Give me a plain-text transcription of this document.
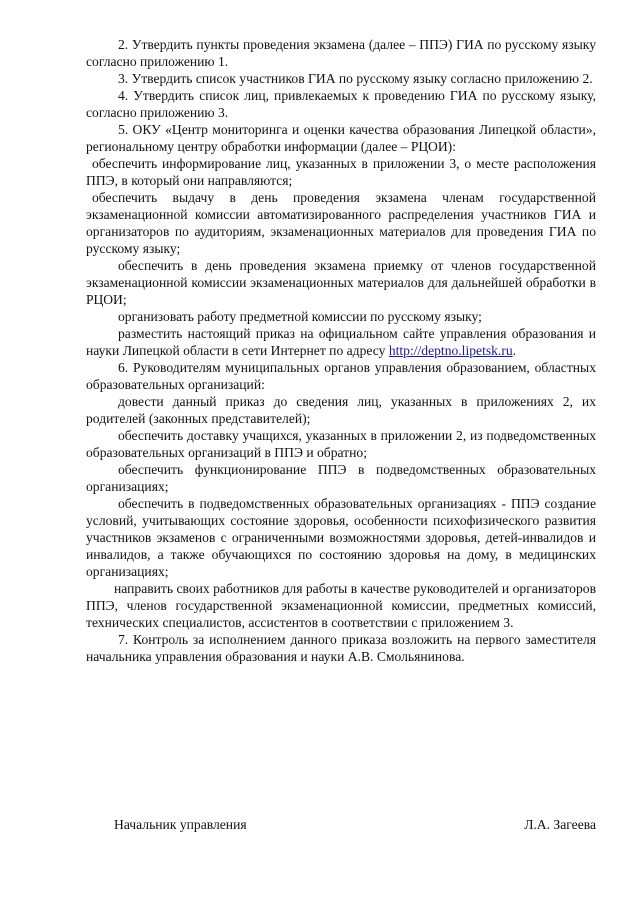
2. Утвердить пункты проведения экзамена (далее – ППЭ) ГИА по русскому языку согласно приложению 1.

3. Утвердить список участников ГИА по русскому языку согласно приложению 2.

4. Утвердить список лиц, привлекаемых к проведению ГИА по русскому языку, согласно приложению 3.

5. ОКУ «Центр мониторинга и оценки качества образования Липецкой области», региональному центру обработки информации (далее – РЦОИ):

обеспечить информирование лиц, указанных в приложении 3, о месте расположения ППЭ, в который они направляются;

обеспечить выдачу в день проведения экзамена членам государственной экзаменационной комиссии автоматизированного распределения участников ГИА и организаторов по аудиториям, экзаменационных материалов для проведения ГИА по русскому языку;

обеспечить в день проведения экзамена приемку от членов государственной экзаменационной комиссии экзаменационных материалов для дальнейшей обработки в РЦОИ;

организовать работу предметной комиссии по русскому языку;

разместить настоящий приказ на официальном сайте управления образования и науки Липецкой области в сети Интернет по адресу http://deptno.lipetsk.ru.

6. Руководителям муниципальных органов управления образованием, областных образовательных организаций:

довести данный приказ до сведения лиц, указанных в приложениях 2, их родителей (законных представителей);

обеспечить доставку учащихся, указанных в приложении 2, из подведомственных образовательных организаций в ППЭ и обратно;

обеспечить функционирование ППЭ в подведомственных образовательных организациях;

обеспечить в подведомственных образовательных организациях - ППЭ создание условий, учитывающих состояние здоровья, особенности психофизического развития участников экзаменов с ограниченными возможностями здоровья, детей-инвалидов и инвалидов, а также обучающихся по состоянию здоровья на дому, в медицинских организациях;

направить своих работников для работы в качестве руководителей и организаторов ППЭ, членов государственной экзаменационной комиссии, предметных комиссий, технических специалистов, ассистентов в соответствии с приложением 3.

7. Контроль за исполнением данного приказа возложить на первого заместителя начальника управления образования и науки А.В. Смольянинова.

Начальник управления	Л.А. Загеева
